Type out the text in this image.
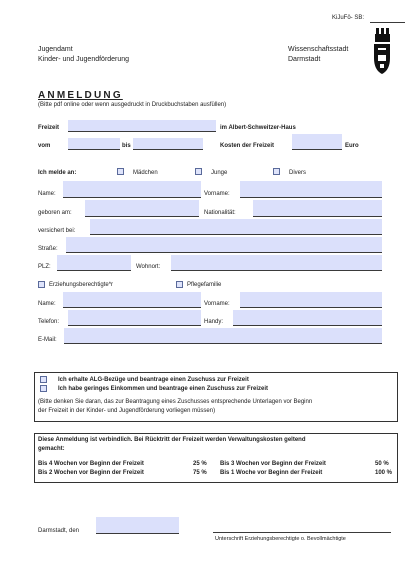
KiJuFö- SB:
Jugendamt
Kinder- und Jugendförderung
Wissenschaftsstadt
Darmstadt
ANMELDUNG
(Bitte pdf online oder wenn ausgedruckt in Druckbuchstaben ausfüllen)
Freizeit	im Albert-Schweitzer-Haus
vom	bis	Kosten der Freizeit	Euro
Ich melde an:	Mädchen	Junge	Divers
Name:	Vorname:
geboren am:	Nationalität:
versichert bei:
Straße:
PLZ:	Wohnort:
Erziehungsberechtigte*r	Pflegefamilie
Name:	Vorname:
Telefon:	Handy:
E-Mail:
Ich erhalte ALG-Bezüge und beantrage einen Zuschuss zur Freizeit
Ich habe geringes Einkommen und beantrage einen Zuschuss zur Freizeit
(Bitte denken Sie daran, das zur Beantragung eines Zuschusses entsprechende Unterlagen vor Beginn
der Freizeit in der Kinder- und Jugendförderung vorliegen müssen)
Diese Anmeldung ist verbindlich. Bei Rücktritt der Freizeit werden Verwaltungskosten geltend
gemacht:
Bis 4 Wochen vor Beginn der Freizeit	25 % Bis 3 Wochen vor Beginn der Freizeit	50 %
Bis 2 Wochen vor Beginn der Freizeit	75 % Bis 1 Woche vor Beginn der Freizeit	100 %
Darmstadt, den
Unterschrift Erziehungsberechtigte o. Bevollmächtigte
